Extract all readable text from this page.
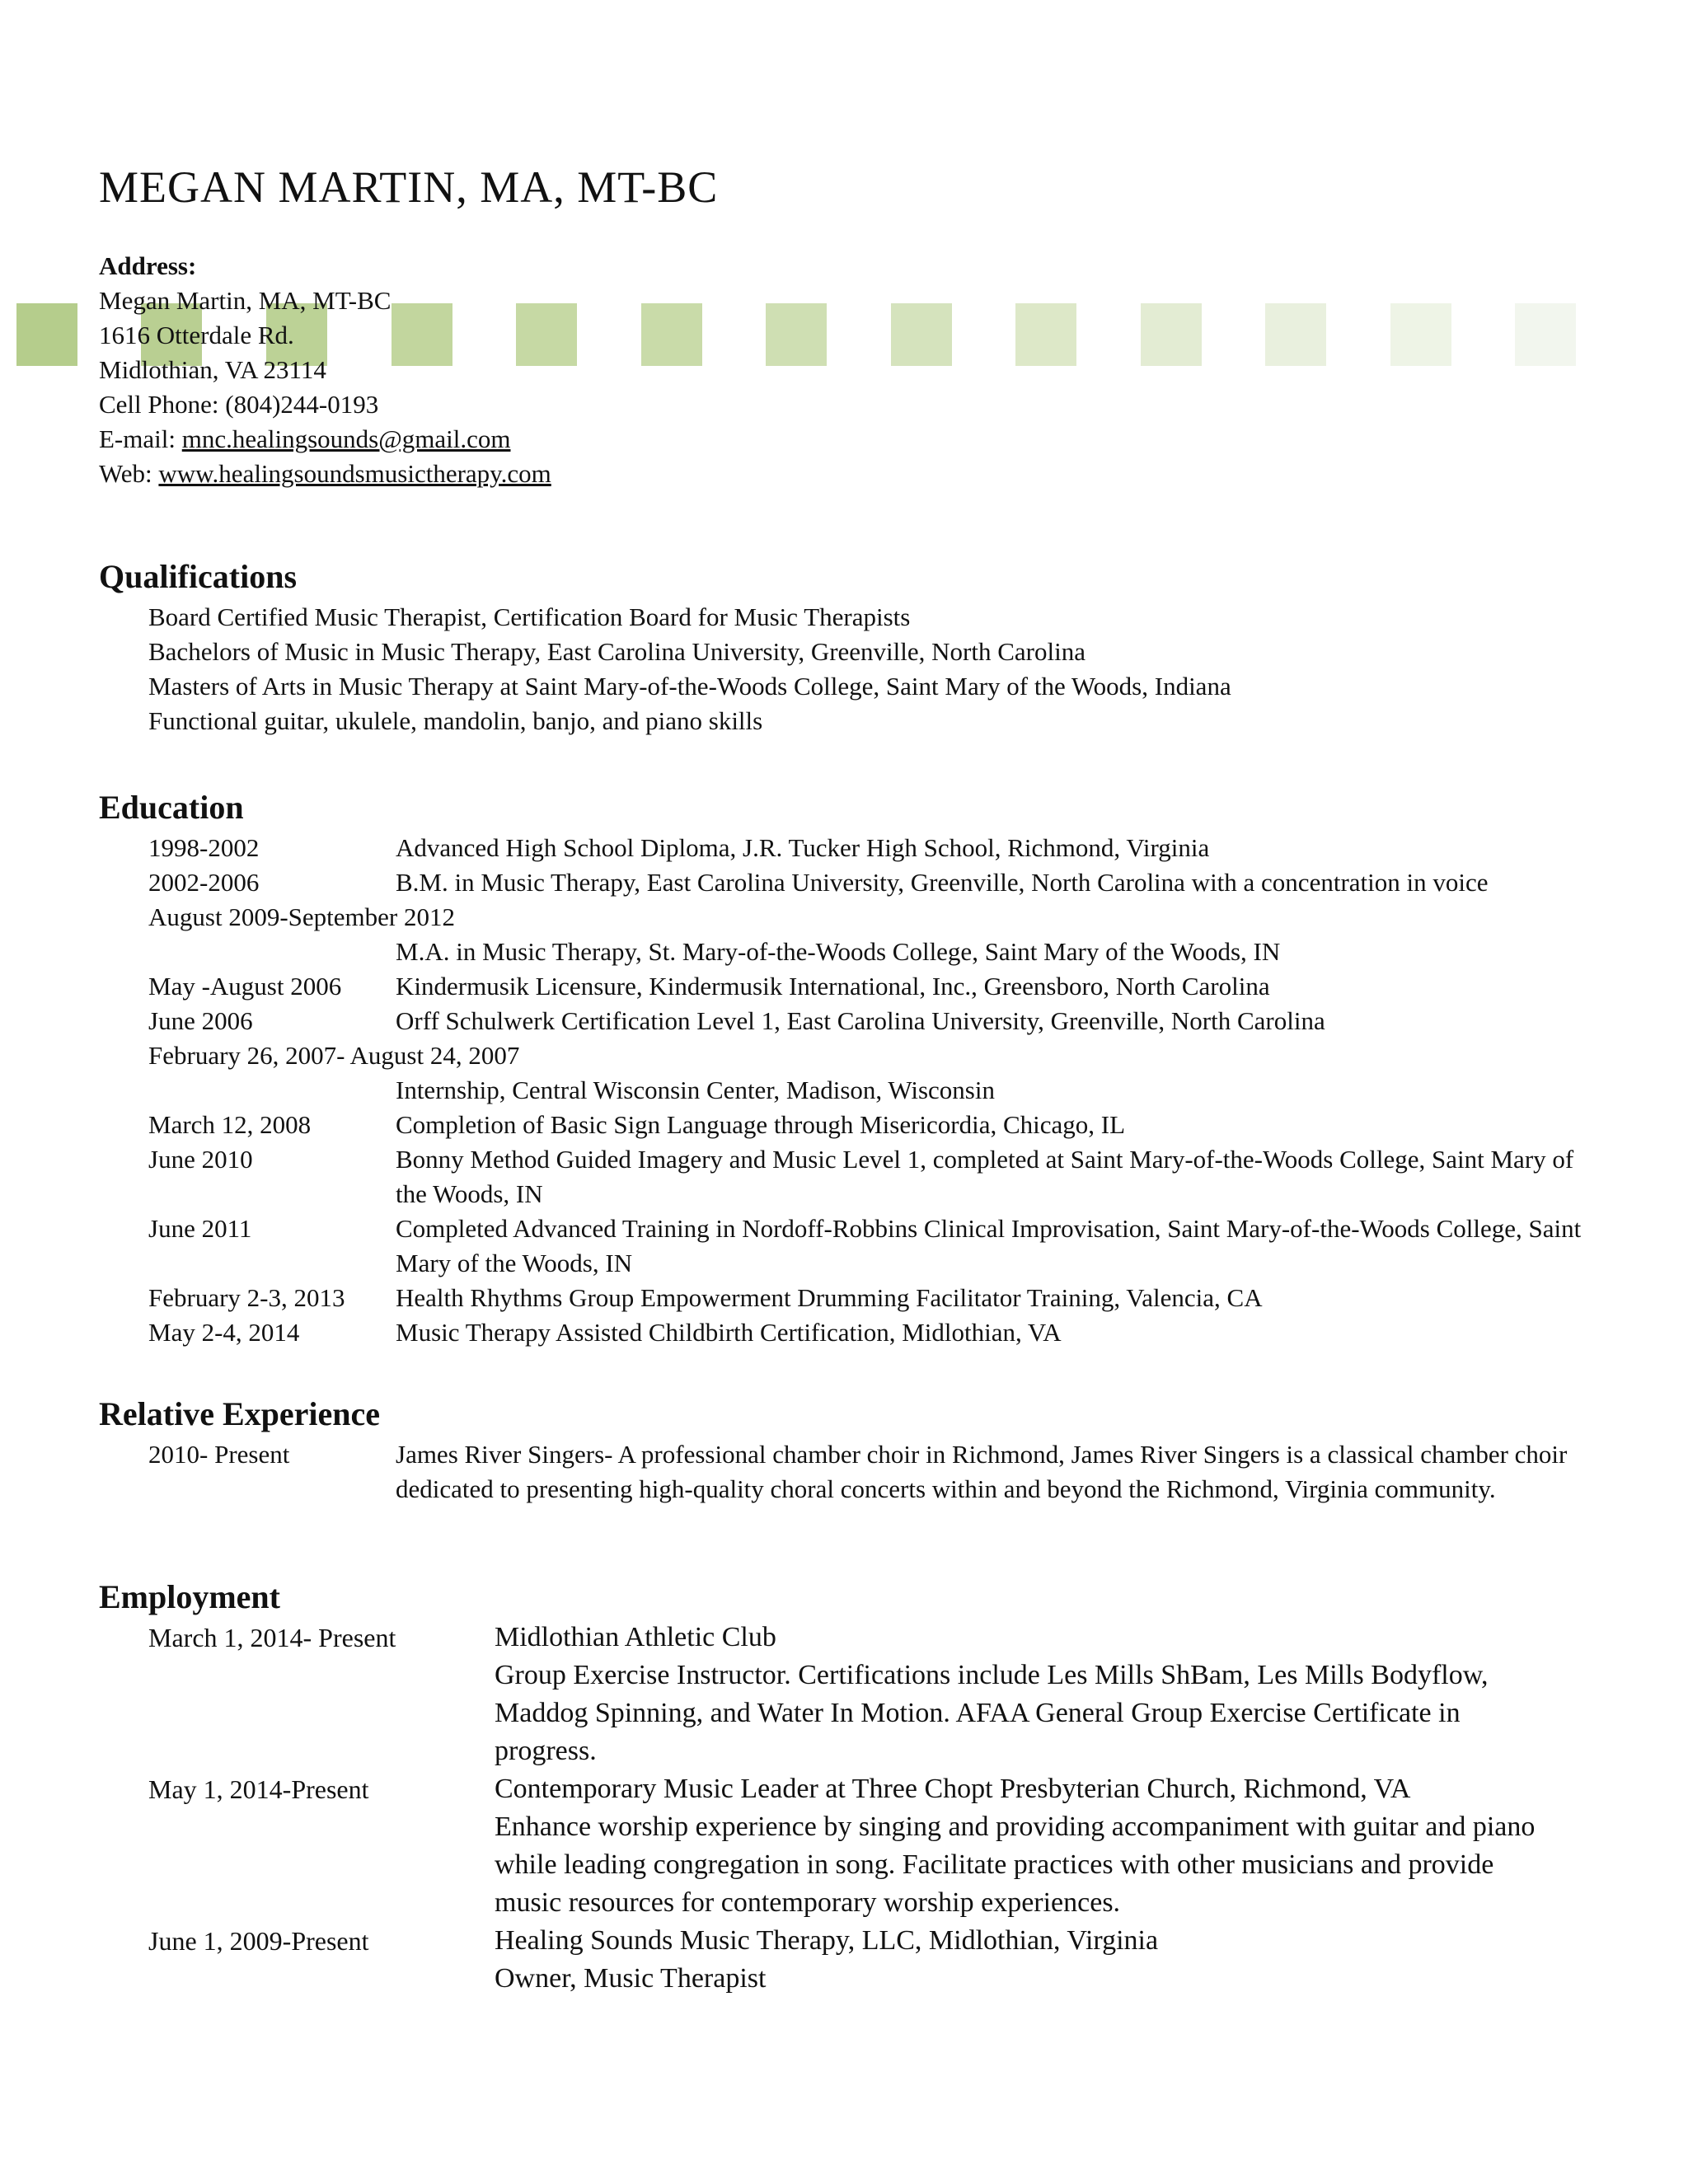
MEGAN MARTIN, MA, MT-BC
Address:
Megan Martin, MA, MT-BC
1616 Otterdale Rd.
Midlothian, VA 23114
Cell Phone: (804)244-0193
E-mail: mnc.healingsounds@gmail.com
Web: www.healingsoundsmusictherapy.com
Qualifications
Board Certified Music Therapist, Certification Board for Music Therapists
Bachelors of Music in Music Therapy, East Carolina University, Greenville, North Carolina
Masters of Arts in Music Therapy at Saint Mary-of-the-Woods College, Saint Mary of the Woods, Indiana
Functional guitar, ukulele, mandolin, banjo, and piano skills
Education
1998-2002	Advanced High School Diploma, J.R. Tucker High School, Richmond, Virginia
2002-2006	B.M. in Music Therapy, East Carolina University, Greenville, North Carolina with a concentration in voice
August 2009-September 2012
M.A. in Music Therapy, St. Mary-of-the-Woods College, Saint Mary of the Woods, IN
May -August 2006 Kindermusik Licensure, Kindermusik International, Inc., Greensboro, North Carolina
June 2006	Orff Schulwerk Certification Level 1, East Carolina University, Greenville, North Carolina
February 26, 2007- August 24, 2007
Internship, Central Wisconsin Center, Madison, Wisconsin
March 12, 2008	Completion of Basic Sign Language through Misericordia, Chicago, IL
June 2010	Bonny Method Guided Imagery and Music Level 1, completed at Saint Mary-of-the-Woods College, Saint Mary of the Woods, IN
June 2011	Completed Advanced Training in Nordoff-Robbins Clinical Improvisation, Saint Mary-of-the-Woods College, Saint Mary of the Woods, IN
February 2-3, 2013 Health Rhythms Group Empowerment Drumming Facilitator Training, Valencia, CA
May 2-4, 2014	Music Therapy Assisted Childbirth Certification, Midlothian, VA
Relative Experience
2010- Present	James River Singers- A professional chamber choir in Richmond, James River Singers is a classical chamber choir dedicated to presenting high-quality choral concerts within and beyond the Richmond, Virginia community.
Employment
March 1, 2014- Present	Midlothian Athletic Club
Group Exercise Instructor. Certifications include Les Mills ShBam, Les Mills Bodyflow, Maddog Spinning, and Water In Motion. AFAA General Group Exercise Certificate in progress.
May 1, 2014-Present	Contemporary Music Leader at Three Chopt Presbyterian Church, Richmond, VA
Enhance worship experience by singing and providing accompaniment with guitar and piano while leading congregation in song. Facilitate practices with other musicians and provide music resources for contemporary worship experiences.
June 1, 2009-Present	Healing Sounds Music Therapy, LLC, Midlothian, Virginia
Owner, Music Therapist
